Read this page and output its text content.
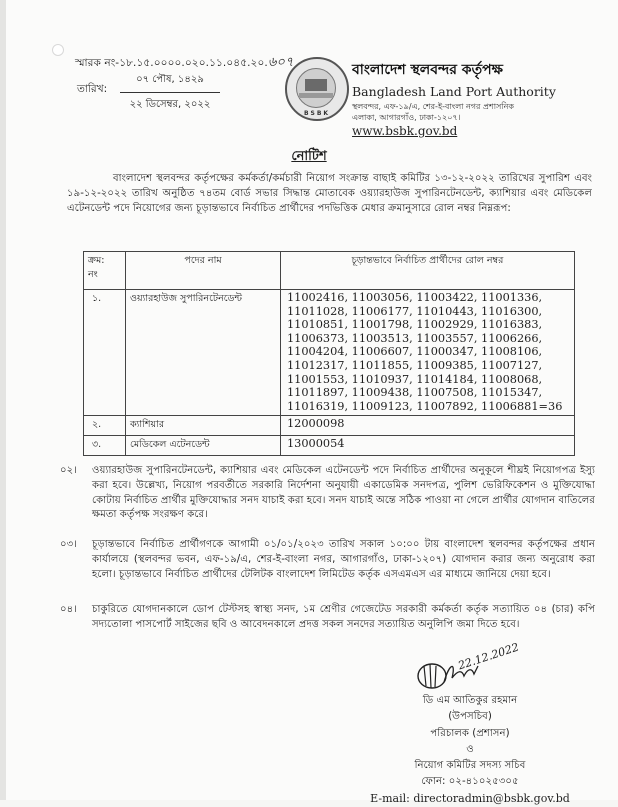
স্মারক নং-১৮.১৫.০০০০.০২০.১১.০৪৫.২০.৬০৭
তারিখ:
০৭ পৌষ, ১৪২৯
২২ ডিসেম্বর, ২০২২
BSBK
বাংলাদেশ স্থলবন্দর কর্তৃপক্ষ
Bangladesh Land Port Authority
স্থলবন্দর, এফ-১৯/এ, শের-ই-বাংলা নগর প্রশাসনিক
এলাকা, আগারগাঁও, ঢাকা-১২০৭।
www.bsbk.gov.bd
নোটিশ
বাংলাদেশ স্থলবন্দর কর্তৃপক্ষের কর্মকর্তা/কর্মচারী নিয়োগ সংক্রান্ত বাছাই কমিটির ১৩-১২-২০২২ তারিখের সুপারিশ এবং ১৯-১২-২০২২ তারিখ অনুষ্ঠিত ৭৪তম বোর্ড সভার সিদ্ধান্ত মোতাবেক ওয়্যারহাউজ সুপারিনটেনডেন্ট, ক্যাশিয়ার এবং মেডিকেল এটেনডেন্ট পদে নিয়োগের জন্য চূড়ান্তভাবে নির্বাচিত প্রার্থীদের পদভিত্তিক মেধার ক্রমানুসারে রোল নম্বর নিম্নরূপ:
ক্রম:
নং	পদের নাম	চূড়ান্তভাবে নির্বাচিত প্রার্থীদের রোল নম্বর
১.	ওয়্যারহাউজ সুপারিনটেনডেন্ট	11002416, 11003056, 11003422, 11001336,
11011028, 11006177, 11010443, 11016300,
11010851, 11001798, 11002929, 11016383,
11006373, 11003513, 11003557, 11006266,
11004204, 11006607, 11000347, 11008106,
11012317, 11011855, 11009385, 11007127,
11001553, 11010937, 11014184, 11008068,
11011897, 11009438, 11007508, 11015347,
11016319, 11009123, 11007892, 11006881=36

২.	ক্যাশিয়ার	12000098
৩.	মেডিকেল এটেনডেন্ট	13000054
০২।	ওয়্যারহাউজ সুপারিনটেনডেন্ট, ক্যাশিয়ার এবং মেডিকেল এটেনডেন্ট পদে নির্বাচিত প্রার্থীদের অনুকূলে শীঘ্রই নিয়োগপত্র ইস্যু করা হবে। উল্লেখ্য, নিয়োগ পরবর্তীতে সরকারি নির্দেশনা অনুযায়ী একাডেমিক সনদপত্র, পুলিশ ভেরিফিকেশন ও মুক্তিযোদ্ধা কোটায় নির্বাচিত প্রার্থীর মুক্তিযোদ্ধার সনদ যাচাই করা হবে। সনদ যাচাই অন্তে সঠিক পাওয়া না গেলে প্রার্থীর যোগদান বাতিলের ক্ষমতা কর্তৃপক্ষ সংরক্ষণ করে।
০৩।	চূড়ান্তভাবে নির্বাচিত প্রার্থীগণকে আগামী ০১/০১/২০২৩ তারিখ সকাল ১০:০০ টায় বাংলাদেশ স্থলবন্দর কর্তৃপক্ষের প্রধান কার্যালয়ে (স্থলবন্দর ভবন, এফ-১৯/এ, শের-ই-বাংলা নগর, আগারগাঁও, ঢাকা-১২০৭) যোগদান করার জন্য অনুরোধ করা হলো। চূড়ান্তভাবে নির্বাচিত প্রার্থীদের টেলিটক বাংলাদেশ লিমিটেড কর্তৃক এসএমএস এর মাধ্যমে জানিয়ে দেয়া হবে।
০৪।	চাকুরিতে যোগদানকালে ডোপ টেস্টসহ স্বাস্থ্য সনদ, ১ম শ্রেণীর গেজেটেড সরকারী কর্মকর্তা কর্তৃক সত্যায়িত ০৪ (চার) কপি সদ্যতোলা পাসপোর্ট সাইজের ছবি ও আবেদনকালে প্রদত্ত সকল সনদের সত্যায়িত অনুলিপি জমা দিতে হবে।
22.12.2022
ডি এম আতিকুর রহমান
(উপসচিব)
পরিচালক (প্রশাসন)
ও
নিয়োগ কমিটির সদস্য সচিব
ফোন: ০২-৪১০২৫৩০৫
E-mail: directoradmin@bsbk.gov.bd
